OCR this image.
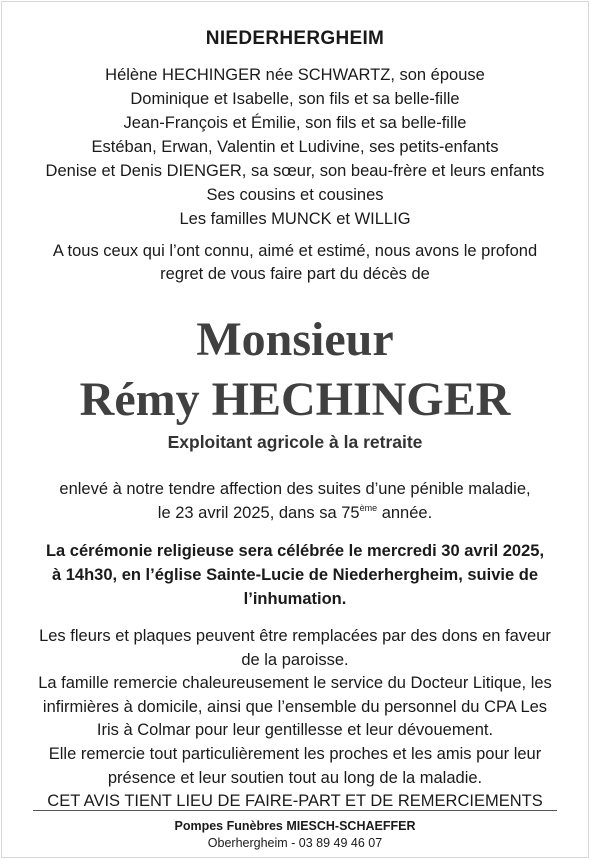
NIEDERHERGHEIM
Hélène HECHINGER née SCHWARTZ, son épouse
Dominique et Isabelle, son fils et sa belle-fille
Jean-François et Émilie, son fils et sa belle-fille
Estéban, Erwan, Valentin et Ludivine, ses petits-enfants
Denise et Denis DIENGER, sa sœur, son beau-frère et leurs enfants
Ses cousins et cousines
Les familles MUNCK et WILLIG
A tous ceux qui l’ont connu, aimé et estimé, nous avons le profond
regret de vous faire part du décès de
Monsieur
Rémy HECHINGER
Exploitant agricole à la retraite
enlevé à notre tendre affection des suites d’une pénible maladie,
le 23 avril 2025, dans sa 75ème année.
La cérémonie religieuse sera célébrée le mercredi 30 avril 2025,
à 14h30, en l’église Sainte-Lucie de Niederhergheim, suivie de
l’inhumation.
Les fleurs et plaques peuvent être remplacées par des dons en faveur
de la paroisse.
La famille remercie chaleureusement le service du Docteur Litique, les
infirmières à domicile, ainsi que l’ensemble du personnel du CPA Les
Iris à Colmar pour leur gentillesse et leur dévouement.
Elle remercie tout particulièrement les proches et les amis pour leur
présence et leur soutien tout au long de la maladie.
CET AVIS TIENT LIEU DE FAIRE-PART ET DE REMERCIEMENTS
Pompes Funèbres MIESCH-SCHAEFFER
Oberhergheim - 03 89 49 46 07
